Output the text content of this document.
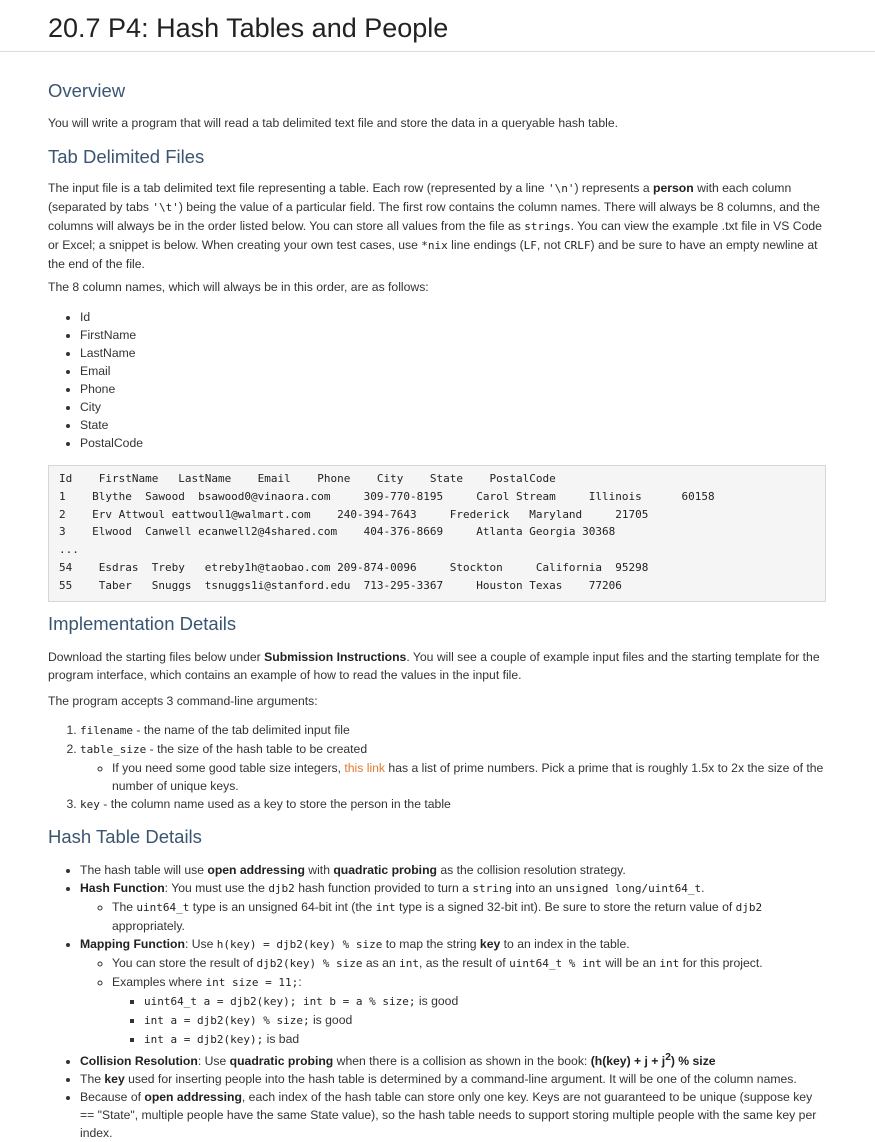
20.7 P4: Hash Tables and People
Overview

You will write a program that will read a tab delimited text file and store the data in a queryable hash table.

Tab Delimited Files

The input file is a tab delimited text file representing a table. Each row (represented by a line '\n') represents a person with each column (separated by tabs '\t') being the value of a particular field. The first row contains the column names. There will always be 8 columns, and the columns will always be in the order listed below. You can store all values from the file as strings. You can view the example .txt file in VS Code or Excel; a snippet is below. When creating your own test cases, use *nix line endings (LF, not CRLF) and be sure to have an empty newline at the end of the file.

The 8 column names, which will always be in this order, are as follows:

• Id
• FirstName
• LastName
• Email
• Phone
• City
• State
• PostalCode
Id    FirstName   LastName    Email    Phone    City    State    PostalCode
1    Blythe  Sawood  bsawood0@vinaora.com     309-770-8195     Carol Stream     Illinois      60158
2    Erv Attwoul eattwoul1@walmart.com    240-394-7643     Frederick   Maryland     21705
3    Elwood  Canwell ecanwell2@4shared.com    404-376-8669     Atlanta Georgia 30368
...
54    Esdras  Treby   etreby1h@taobao.com 209-874-0096     Stockton     California  95298
55    Taber   Snuggs  tsnuggs1i@stanford.edu  713-295-3367     Houston Texas    77206
Implementation Details

Download the starting files below under Submission Instructions. You will see a couple of example input files and the starting template for the program interface, which contains an example of how to read the values in the input file.

The program accepts 3 command-line arguments:

1. filename - the name of the tab delimited input file
2. table_size - the size of the hash table to be created
◦ If you need some good table size integers, this link has a list of prime numbers. Pick a prime that is roughly 1.5x to 2x the size of the number of unique keys.
3. key - the column name used as a key to store the person in the table
Hash Table Details
• The hash table will use open addressing with quadratic probing as the collision resolution strategy.
• Hash Function: You must use the djb2 hash function provided to turn a string into an unsigned long/uint64_t.
◦ The uint64_t type is an unsigned 64-bit int (the int type is a signed 32-bit int). Be sure to store the return value of djb2 appropriately.
• Mapping Function: Use h(key) = djb2(key) % size to map the string key to an index in the table.
◦ You can store the result of djb2(key) % size as an int, as the result of uint64_t % int will be an int for this project.
◦ Examples where int size = 11;:
▪ uint64_t a = djb2(key); int b = a % size; is good
▪ int a = djb2(key) % size; is good
▪ int a = djb2(key); is bad
• Collision Resolution: Use quadratic probing when there is a collision as shown in the book: $(h(key) + j + j^2)$ % size
• The key used for inserting people into the hash table is determined by a command-line argument. It will be one of the column names.
• Because of open addressing, each index of the hash table can store only one key. Keys are not guaranteed to be unique (suppose key == "State", multiple people have the same State value), so the hash table needs to support storing multiple people with the same key per index.
